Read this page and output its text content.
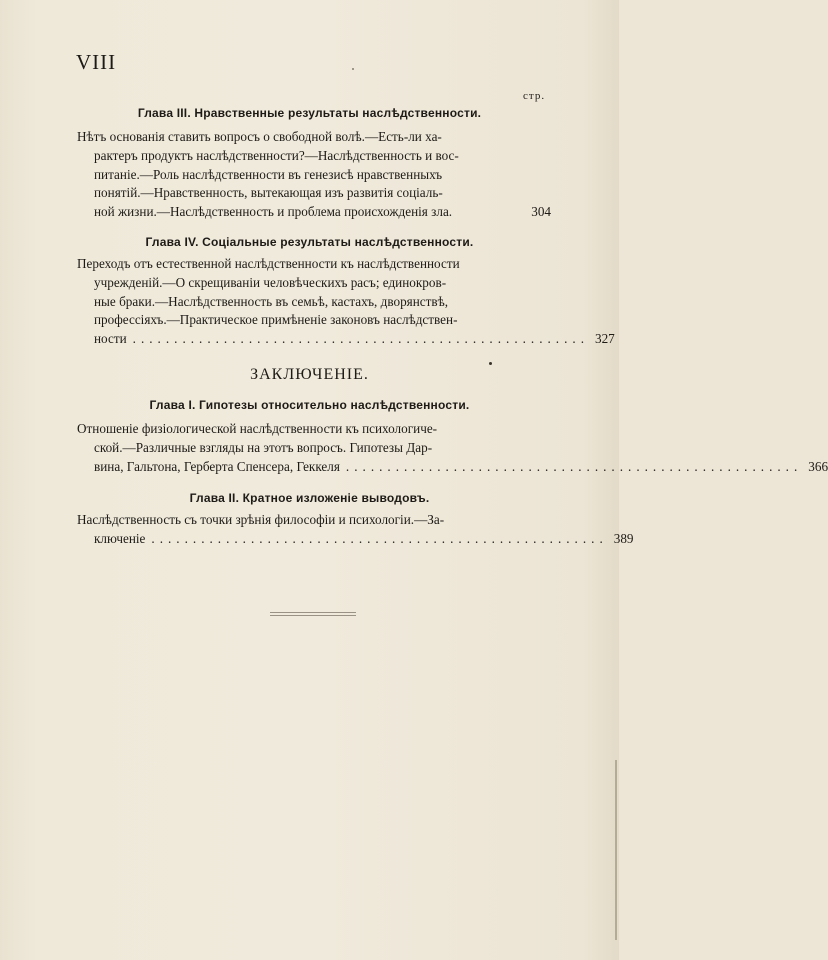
VIII
стр.
Глава III. Нравственные результаты наслѣдственности.
Нѣтъ основанія ставить вопросъ о свободной волѣ.—Есть-ли ха-
рактеръ продуктъ наслѣдственности?—Наслѣдственность и вос-
питаніе.—Роль наслѣдственности въ генезисѣ нравственныхъ
понятій.—Нравственность, вытекающая изъ развитія соціаль-
ной жизни.—Наслѣдственность и проблема происхожденія зла.	304
Глава IV. Соціальные результаты наслѣдственности.
Переходъ отъ естественной наслѣдственности къ наслѣдственности
учрежденій.—О скрещиваніи человѣческихъ расъ; единокров-
ные браки.—Наслѣдственность въ семьѣ, кастахъ, дворянствѣ,
профессіяхъ.—Практическое примѣненіе законовъ наслѣдствен-
ности ....................................................... 327
ЗАКЛЮЧЕНІЕ.
Глава I. Гипотезы относительно наслѣдственности.
Отношеніе физіологической наслѣдственности къ психологиче-
ской.—Различные взгляды на этотъ вопросъ. Гипотезы Дар-
вина, Гальтона, Герберта Спенсера, Геккеля ....................................................... 366
Глава II. Кратное изложеніе выводовъ.
Наслѣдственность съ точки зрѣнія философіи и психологіи.—За-
ключеніе ....................................................... 389
